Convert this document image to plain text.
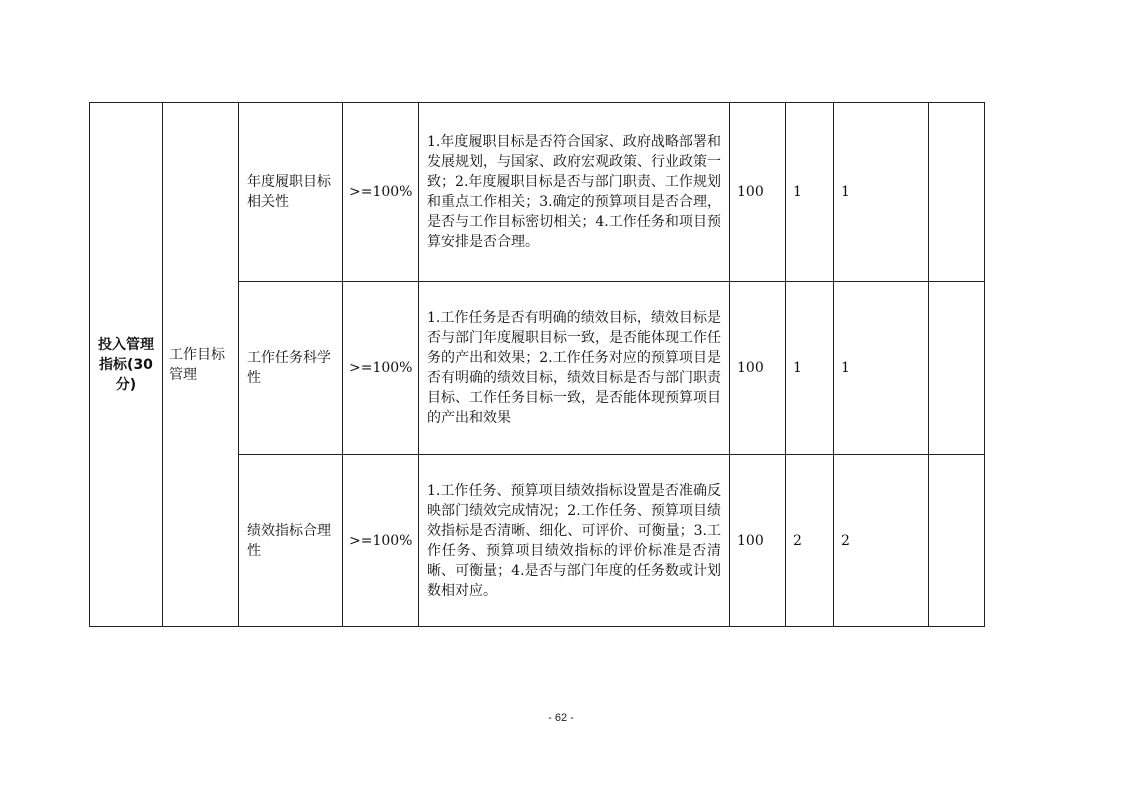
投入管理指标(30 分)	工作目标管理	年度履职目标相关性	>=100%	1.年度履职目标是否符合国家、政府战略部署和发展规划，与国家、政府宏观政策、行业政策一致；2.年度履职目标是否与部门职责、工作规划和重点工作相关；3.确定的预算项目是否合理，是否与工作目标密切相关；4.工作任务和项目预算安排是否合理。	100	1	1	
		工作任务科学性	>=100%	1.工作任务是否有明确的绩效目标，绩效目标是否与部门年度履职目标一致，是否能体现工作任务的产出和效果；2.工作任务对应的预算项目是否有明确的绩效目标，绩效目标是否与部门职责目标、工作任务目标一致，是否能体现预算项目的产出和效果	100	1	1	
		绩效指标合理性	>=100%	1.工作任务、预算项目绩效指标设置是否准确反映部门绩效完成情况；2.工作任务、预算项目绩效指标是否清晰、细化、可评价、可衡量；3.工作任务、预算项目绩效指标的评价标准是否清晰、可衡量；4.是否与部门年度的任务数或计划数相对应。	100	2	2	
- 62 -
